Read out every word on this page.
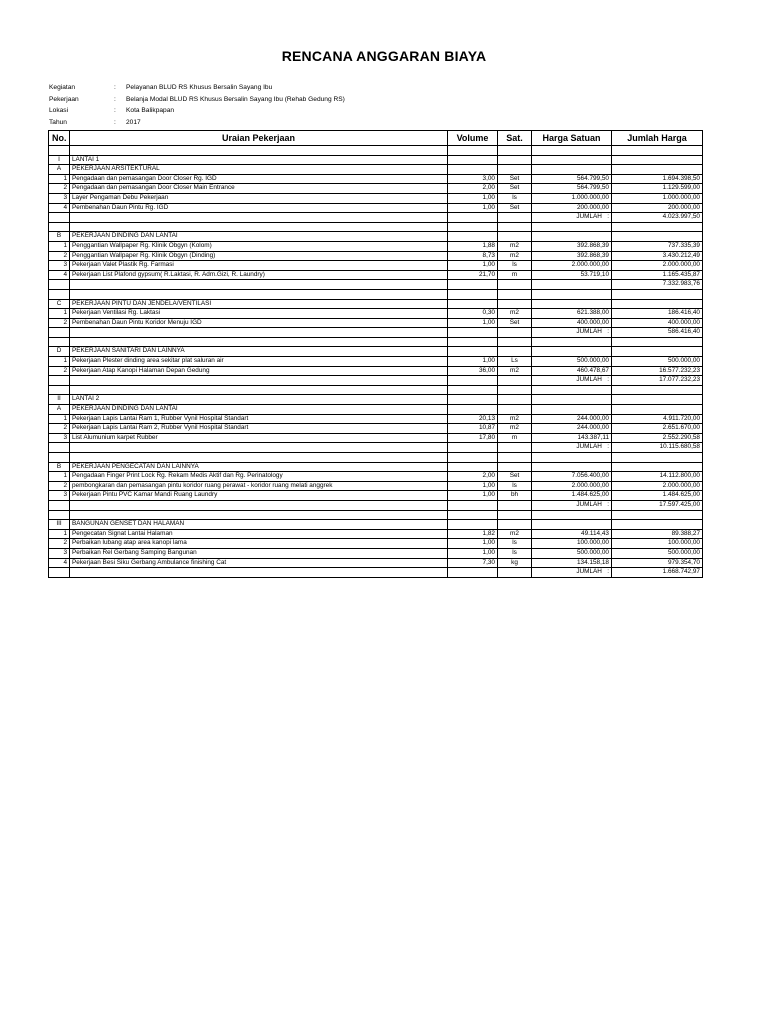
RENCANA ANGGARAN BIAYA
Kegiatan	:	Pelayanan BLUD RS Khusus Bersalin Sayang Ibu
Pekerjaan	:	Belanja Modal BLUD RS Khusus Bersalin Sayang Ibu (Rehab Gedung RS)
Lokasi	:	Kota Balikpapan
Tahun	:	2017
No.	Uraian Pekerjaan	Volume	Sat.	Harga Satuan	Jumlah Harga

I	LANTAI 1				
A	PEKERJAAN ARSITEKTURAL				
1	Pengadaan dan pemasangan Door Closer Rg. IGD	3,00	Set	564.799,50	1.694.398,50
2	Pengadaan dan pemasangan Door Closer Main Entrance	2,00	Set	564.799,50	1.129.599,00
3	Layer Pengaman Debu Pekerjaan	1,00	ls	1.000.000,00	1.000.000,00
4	Pembenahan Daun Pintu Rg. IGD	1,00	Set	200.000,00	200.000,00
				JUMLAH   :	4.023.997,50

B	PEKERJAAN DINDING DAN LANTAI				
1	Penggantian Wallpaper Rg. Klinik Obgyn (Kolom)	1,88	m2	392.868,39	737.335,39
2	Penggantian Wallpaper Rg. Klinik Obgyn (Dinding)	8,73	m2	392.868,39	3.430.212,49
3	Pekerjaan Valet Plastik Rg. Farmasi	1,00	ls	2.000.000,00	2.000.000,00
4	Pekerjaan List Plafond gypsum( R.Laktasi, R. Adm.Gizi, R. Laundry)	21,70	m	53.719,10	1.165.435,87
					7.332.983,76

C	PEKERJAAN PINTU DAN JENDELA/VENTILASI				
1	Pekerjaan Ventilasi Rg. Laktasi	0,30	m2	621.388,00	186.416,40
2	Pembenahan Daun Pintu Koridor Menuju IGD	1,00	Set	400.000,00	400.000,00
				JUMLAH   :	586.416,40

D	PEKERJAAN SANITARI DAN LAINNYA				
1	Pekerjaan Plester dinding area sekitar plat saluran air	1,00	Ls	500.000,00	500.000,00
2	Pekerjaan Atap Kanopi Halaman Depan Gedung	36,00	m2	460.478,67	16.577.232,23
				JUMLAH   :	17.077.232,23

II	LANTAI 2				
A	PEKERJAAN DINDING DAN LANTAI				
1	Pekerjaan Lapis Lantai Ram 1, Rubber Vynil Hospital Standart	20,13	m2	244.000,00	4.911.720,00
2	Pekerjaan Lapis Lantai Ram 2, Rubber Vynil Hospital Standart	10,87	m2	244.000,00	2.651.670,00
3	List Alumunium karpet Rubber	17,80	m	143.387,11	2.552.290,58
				JUMLAH   :	10.115.680,58

B	PEKERJAAN PENGECATAN DAN LAINNYA				
1	Pengadaan Finger Print Lock Rg. Rekam Medis Aktif dan Rg. Perinatology	2,00	Set	7.056.400,00	14.112.800,00
2	pembongkaran dan pemasangan pintu koridor ruang perawat - koridor ruang melati anggrek	1,00	ls	2.000.000,00	2.000.000,00
3	Pekerjaan Pintu PVC Kamar Mandi Ruang Laundry	1,00	bh	1.484.625,00	1.484.625,00
				JUMLAH   :	17.597.425,00

III	BANGUNAN GENSET DAN HALAMAN				
1	Pengecatan Signat Lantai Halaman	1,82	m2	49.114,43	89.388,27
2	Perbaikan lubang atap area kanopi lama	1,00	ls	100.000,00	100.000,00
3	Perbaikan Rel Gerbang Samping Bangunan	1,00	ls	500.000,00	500.000,00
4	Pekerjaan Besi Siku Gerbang Ambulance finishing Cat	7,30	kg	134.158,18	979.354,70
				JUMLAH   :	1.668.742,97
